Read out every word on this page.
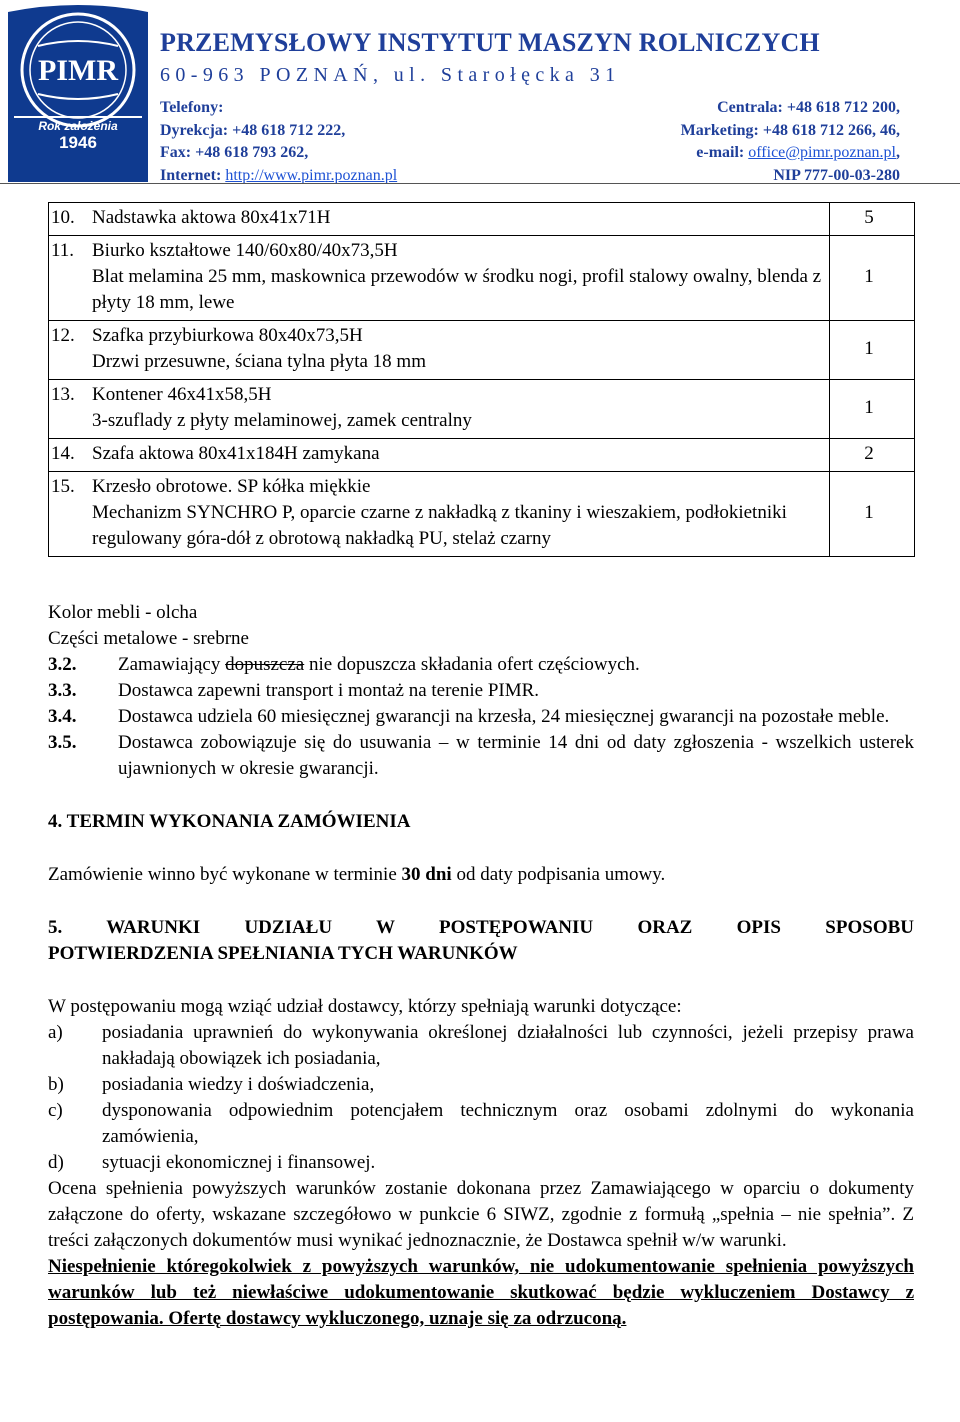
PIMR
Rok założenia
1946
PRZEMYSŁOWY INSTYTUT MASZYN ROLNICZYCH
60-963 POZNAŃ, ul. Starołęcka 31
Telefony:
Dyrekcja: +48 618 712 222,
Fax: +48 618 793 262,
Internet: http://www.pimr.poznan.pl
Centrala: +48 618 712 200,
Marketing: +48 618 712 266, 46,
e-mail: office@pimr.poznan.pl,
NIP 777-00-03-280
10.	Nadstawka aktowa 80x41x71H	5
11.	Biurko kształtowe 140/60x80/40x73,5H
Blat melamina 25 mm, maskownica przewodów w środku nogi, profil stalowy owalny, blenda z płyty 18 mm, lewe	1
12.	Szafka przybiurkowa 80x40x73,5H
Drzwi przesuwne, ściana tylna płyta 18 mm	1
13.	Kontener 46x41x58,5H
3-szuflady z płyty melaminowej, zamek centralny	1
14.	Szafa aktowa 80x41x184H zamykana	2
15.	Krzesło obrotowe. SP kółka miękkie
Mechanizm SYNCHRO P, oparcie czarne z nakładką z tkaniny i wieszakiem, podłokietniki regulowany góra-dół z obrotową nakładką PU, stelaż czarny	1

Kolor mebli - olcha

Części metalowe - srebrne

3.2. Zamawiający dopuszcza nie dopuszcza składania ofert częściowych.
3.3. Dostawca zapewni transport i montaż na terenie PIMR.
3.4. Dostawca udziela 60 miesięcznej gwarancji na krzesła, 24 miesięcznej gwarancji na pozostałe meble.
3.5. Dostawca zobowiązuje się do usuwania – w terminie 14 dni od daty zgłoszenia - wszelkich usterek ujawnionych w okresie gwarancji.

4. TERMIN WYKONANIA ZAMÓWIENIA

Zamówienie winno być wykonane w terminie 30 dni od daty podpisania umowy.

5. WARUNKI UDZIAŁU W POSTĘPOWANIU ORAZ OPIS SPOSOBU

POTWIERDZENIA SPEŁNIANIA TYCH WARUNKÓW

W postępowaniu mogą wziąć udział dostawcy, którzy spełniają warunki dotyczące:

a) posiadania uprawnień do wykonywania określonej działalności lub czynności, jeżeli przepisy prawa nakładają obowiązek ich posiadania,
b) posiadania wiedzy i doświadczenia,
c) dysponowania odpowiednim potencjałem technicznym oraz osobami zdolnymi do wykonania zamówienia,
d) sytuacji ekonomicznej i finansowej.

Ocena spełnienia powyższych warunków zostanie dokonana przez Zamawiającego w oparciu o dokumenty załączone do oferty, wskazane szczegółowo w punkcie 6 SIWZ, zgodnie z formułą „spełnia – nie spełnia”. Z treści załączonych dokumentów musi wynikać jednoznacznie, że Dostawca spełnił w/w warunki.

Niespełnienie któregokolwiek z powyższych warunków, nie udokumentowanie spełnienia powyższych warunków lub też niewłaściwe udokumentowanie skutkować będzie wykluczeniem Dostawcy z postępowania. Ofertę dostawcy wykluczonego, uznaje się za odrzuconą.
